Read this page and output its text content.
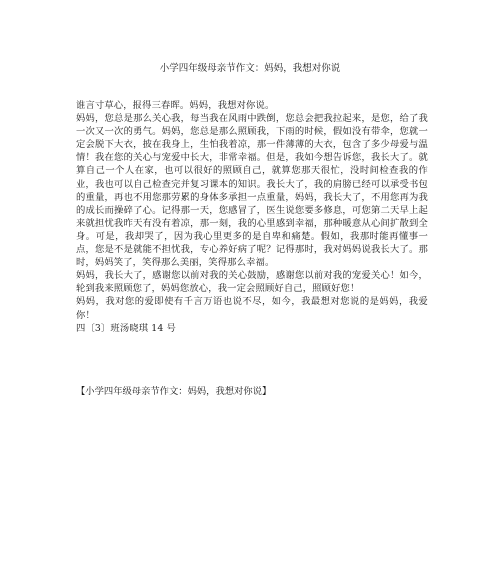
小学四年级母亲节作文：妈妈，我想对你说

谁言寸草心，报得三春晖。妈妈，我想对你说。

妈妈，您总是那么关心我，每当我在风雨中跌倒，您总会把我拉起来，是您，给了我一次又一次的勇气。妈妈，您总是那么照顾我，下雨的时候，假如没有带伞，您就一定会脱下大衣，披在我身上，生怕我着凉，那一件薄薄的大衣，包含了多少母爱与温情！我在您的关心与宠爱中长大，非常幸福。但是，我如今想告诉您，我长大了。就算自己一个人在家，也可以很好的照顾自己，就算您那天很忙，没时间检查我的作业，我也可以自己检查完并复习课本的知识。我长大了，我的肩膀已经可以承受书包的重量，再也不用您那劳累的身体多承担一点重量，妈妈，我长大了，不用您再为我的成长而操碎了心。记得那一天，您感冒了，医生说您要多修息，可您第二天早上起来就担忧我昨天有没有着凉，那一刻，我的心里感到幸福，那种暖意从心间扩散到全身。可是，我却哭了，因为我心里更多的是自卑和痛楚。假如，我那时能再懂事一点，您是不是就能不担忧我，专心养好病了呢？记得那时，我对妈妈说我长大了。那时，妈妈笑了，笑得那么美丽，笑得那么幸福。

妈妈，我长大了，感谢您以前对我的关心鼓励，感谢您以前对我的宠爱关心！如今，轮到我来照顾您了，妈妈您放心，我一定会照顾好自己，照顾好您！

妈妈，我对您的爱即使有千言万语也说不尽，如今，我最想对您说的是妈妈，我爱你！

四〔3〕班汤晓琪 14 号

【小学四年级母亲节作文：妈妈，我想对你说】
